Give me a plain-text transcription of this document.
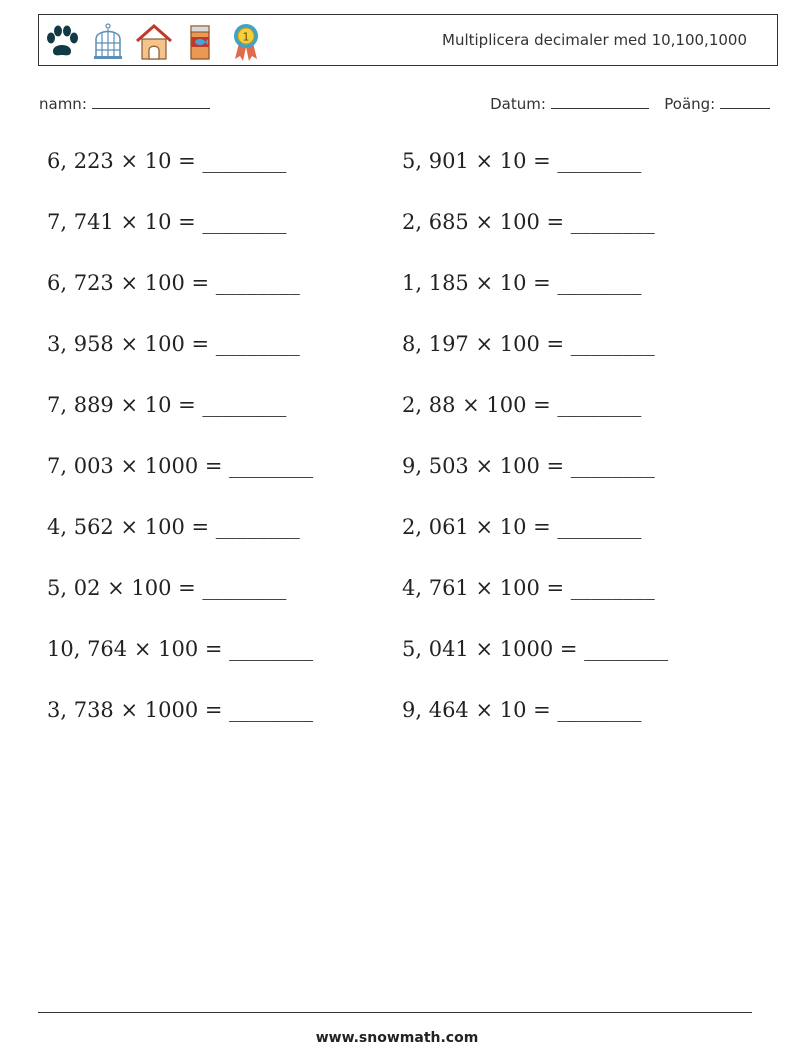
1	Multiplicera decimaler med 10,100,1000
namn:	Datum:	Poäng:
6, 223 × 10 = ________	5, 901 × 10 = ________
7, 741 × 10 = ________	2, 685 × 100 = ________
6, 723 × 100 = ________	1, 185 × 10 = ________
3, 958 × 100 = ________	8, 197 × 100 = ________
7, 889 × 10 = ________	2, 88 × 100 = ________
7, 003 × 1000 = ________	9, 503 × 100 = ________
4, 562 × 100 = ________	2, 061 × 10 = ________
5, 02 × 100 = ________	4, 761 × 100 = ________
10, 764 × 100 = ________	5, 041 × 1000 = ________
3, 738 × 1000 = ________	9, 464 × 10 = ________
www.snowmath.com
